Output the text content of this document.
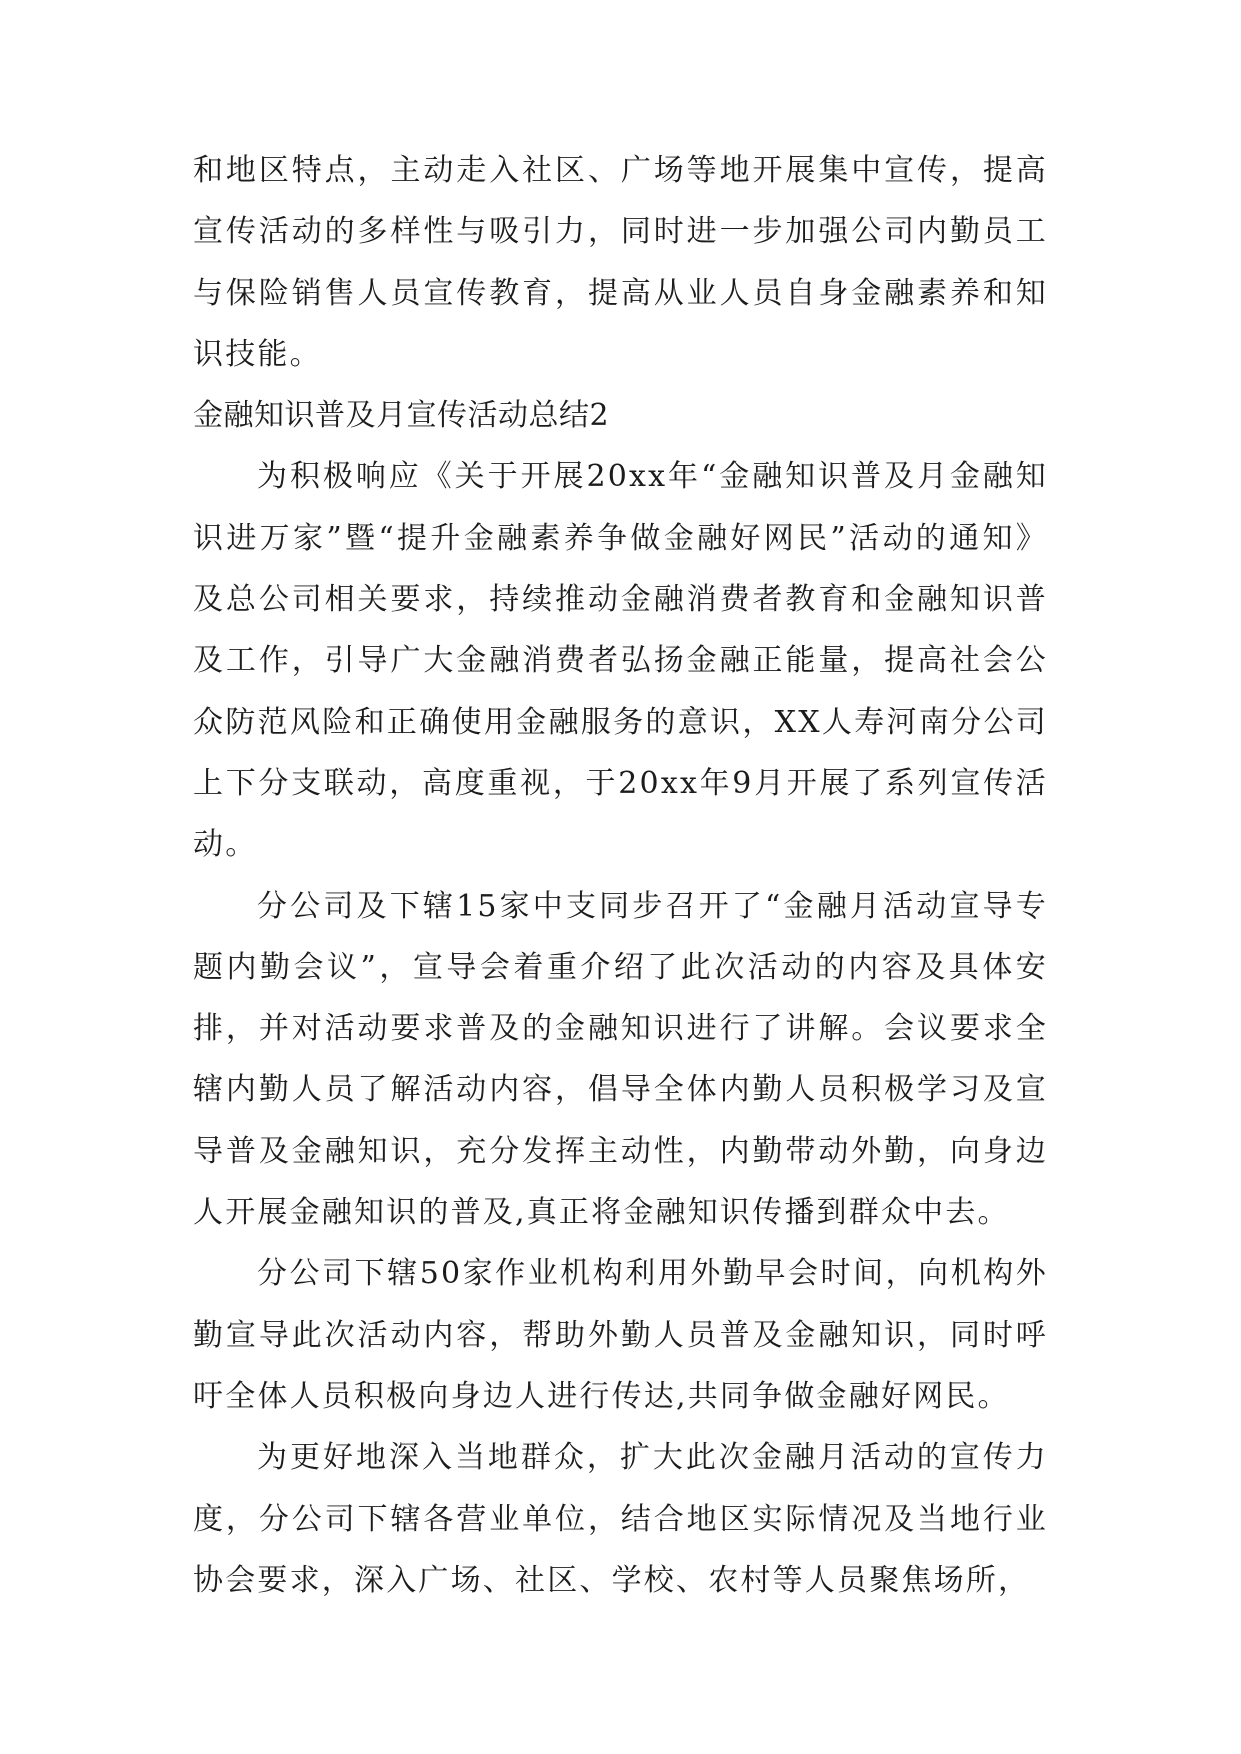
和地区特点，主动走入社区、广场等地开展集中宣传，提高宣传活动的多样性与吸引力，同时进一步加强公司内勤员工与保险销售人员宣传教育，提高从业人员自身金融素养和知识技能。

金融知识普及月宣传活动总结2

为积极响应《关于开展20xx年“金融知识普及月金融知识进万家”暨“提升金融素养争做金融好网民”活动的通知》及总公司相关要求，持续推动金融消费者教育和金融知识普及工作，引导广大金融消费者弘扬金融正能量，提高社会公众防范风险和正确使用金融服务的意识，XX人寿河南分公司上下分支联动，高度重视，于20xx年9月开展了系列宣传活动。

分公司及下辖15家中支同步召开了“金融月活动宣导专题内勤会议”，宣导会着重介绍了此次活动的内容及具体安排，并对活动要求普及的金融知识进行了讲解。会议要求全辖内勤人员了解活动内容，倡导全体内勤人员积极学习及宣导普及金融知识，充分发挥主动性，内勤带动外勤，向身边人开展金融知识的普及,真正将金融知识传播到群众中去。

分公司下辖50家作业机构利用外勤早会时间，向机构外勤宣导此次活动内容，帮助外勤人员普及金融知识，同时呼吁全体人员积极向身边人进行传达,共同争做金融好网民。

为更好地深入当地群众，扩大此次金融月活动的宣传力度，分公司下辖各营业单位，结合地区实际情况及当地行业协会要求，深入广场、社区、学校、农村等人员聚焦场所，
